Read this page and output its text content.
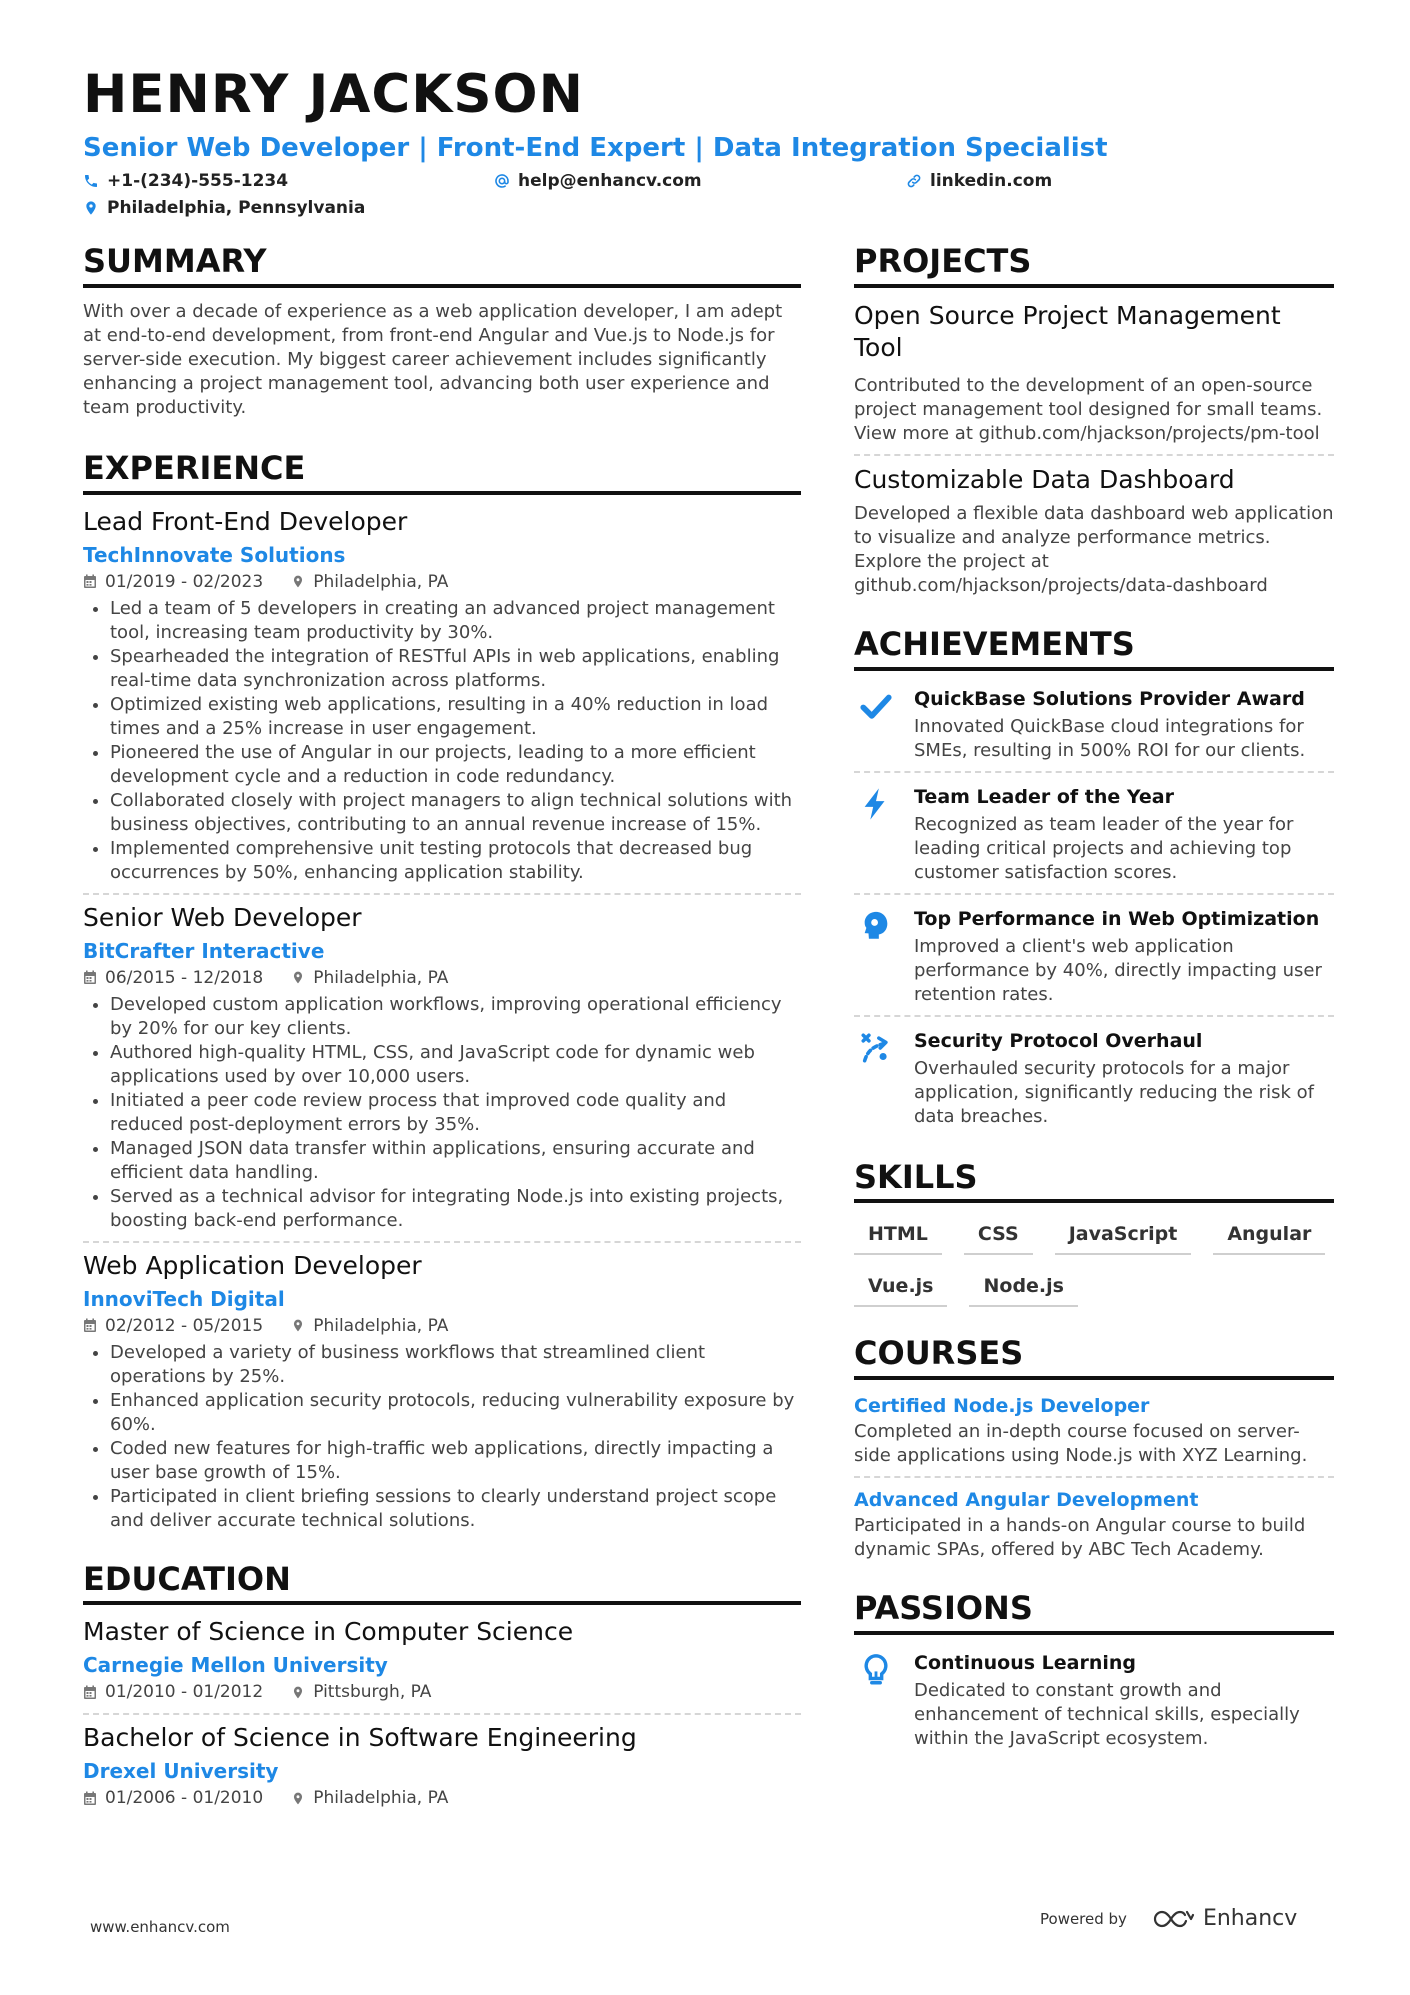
HENRY JACKSON
Senior Web Developer | Front-End Expert | Data Integration Specialist
+1-(234)-555-1234	help@enhancv.com	linkedin.com
Philadelphia, Pennsylvania
SUMMARY
With over a decade of experience as a web application developer, I am adept at end-to-end development, from front-end Angular and Vue.js to Node.js for server-side execution. My biggest career achievement includes significantly enhancing a project management tool, advancing both user experience and team productivity.
EXPERIENCE
Lead Front-End Developer
TechInnovate Solutions
01/2019 - 02/2023	Philadelphia, PA
• Led a team of 5 developers in creating an advanced project management tool, increasing team productivity by 30%.
• Spearheaded the integration of RESTful APIs in web applications, enabling real-time data synchronization across platforms.
• Optimized existing web applications, resulting in a 40% reduction in load times and a 25% increase in user engagement.
• Pioneered the use of Angular in our projects, leading to a more efficient development cycle and a reduction in code redundancy.
• Collaborated closely with project managers to align technical solutions with business objectives, contributing to an annual revenue increase of 15%.
• Implemented comprehensive unit testing protocols that decreased bug occurrences by 50%, enhancing application stability.
Senior Web Developer
BitCrafter Interactive
06/2015 - 12/2018	Philadelphia, PA
• Developed custom application workflows, improving operational efficiency by 20% for our key clients.
• Authored high-quality HTML, CSS, and JavaScript code for dynamic web applications used by over 10,000 users.
• Initiated a peer code review process that improved code quality and reduced post-deployment errors by 35%.
• Managed JSON data transfer within applications, ensuring accurate and efficient data handling.
• Served as a technical advisor for integrating Node.js into existing projects, boosting back-end performance.
Web Application Developer
InnoviTech Digital
02/2012 - 05/2015	Philadelphia, PA
• Developed a variety of business workflows that streamlined client operations by 25%.
• Enhanced application security protocols, reducing vulnerability exposure by 60%.
• Coded new features for high-traffic web applications, directly impacting a user base growth of 15%.
• Participated in client briefing sessions to clearly understand project scope and deliver accurate technical solutions.
EDUCATION
Master of Science in Computer Science
Carnegie Mellon University
01/2010 - 01/2012	Pittsburgh, PA
Bachelor of Science in Software Engineering
Drexel University
01/2006 - 01/2010	Philadelphia, PA
PROJECTS
Open Source Project Management Tool
Contributed to the development of an open-source project management tool designed for small teams. View more at github.com/hjackson/projects/pm-tool
Customizable Data Dashboard
Developed a flexible data dashboard web application to visualize and analyze performance metrics. Explore the project at github.com/hjackson/projects/data-dashboard
ACHIEVEMENTS
QuickBase Solutions Provider Award
Innovated QuickBase cloud integrations for SMEs, resulting in 500% ROI for our clients.
Team Leader of the Year
Recognized as team leader of the year for leading critical projects and achieving top customer satisfaction scores.
Top Performance in Web Optimization
Improved a client's web application performance by 40%, directly impacting user retention rates.
Security Protocol Overhaul
Overhauled security protocols for a major application, significantly reducing the risk of data breaches.
SKILLS
HTML	CSS	JavaScript	Angular
Vue.js	Node.js
COURSES
Certified Node.js Developer
Completed an in-depth course focused on server-side applications using Node.js with XYZ Learning.
Advanced Angular Development
Participated in a hands-on Angular course to build dynamic SPAs, offered by ABC Tech Academy.
PASSIONS
Continuous Learning
Dedicated to constant growth and enhancement of technical skills, especially within the JavaScript ecosystem.
www.enhancv.com	Powered by	Enhancv
